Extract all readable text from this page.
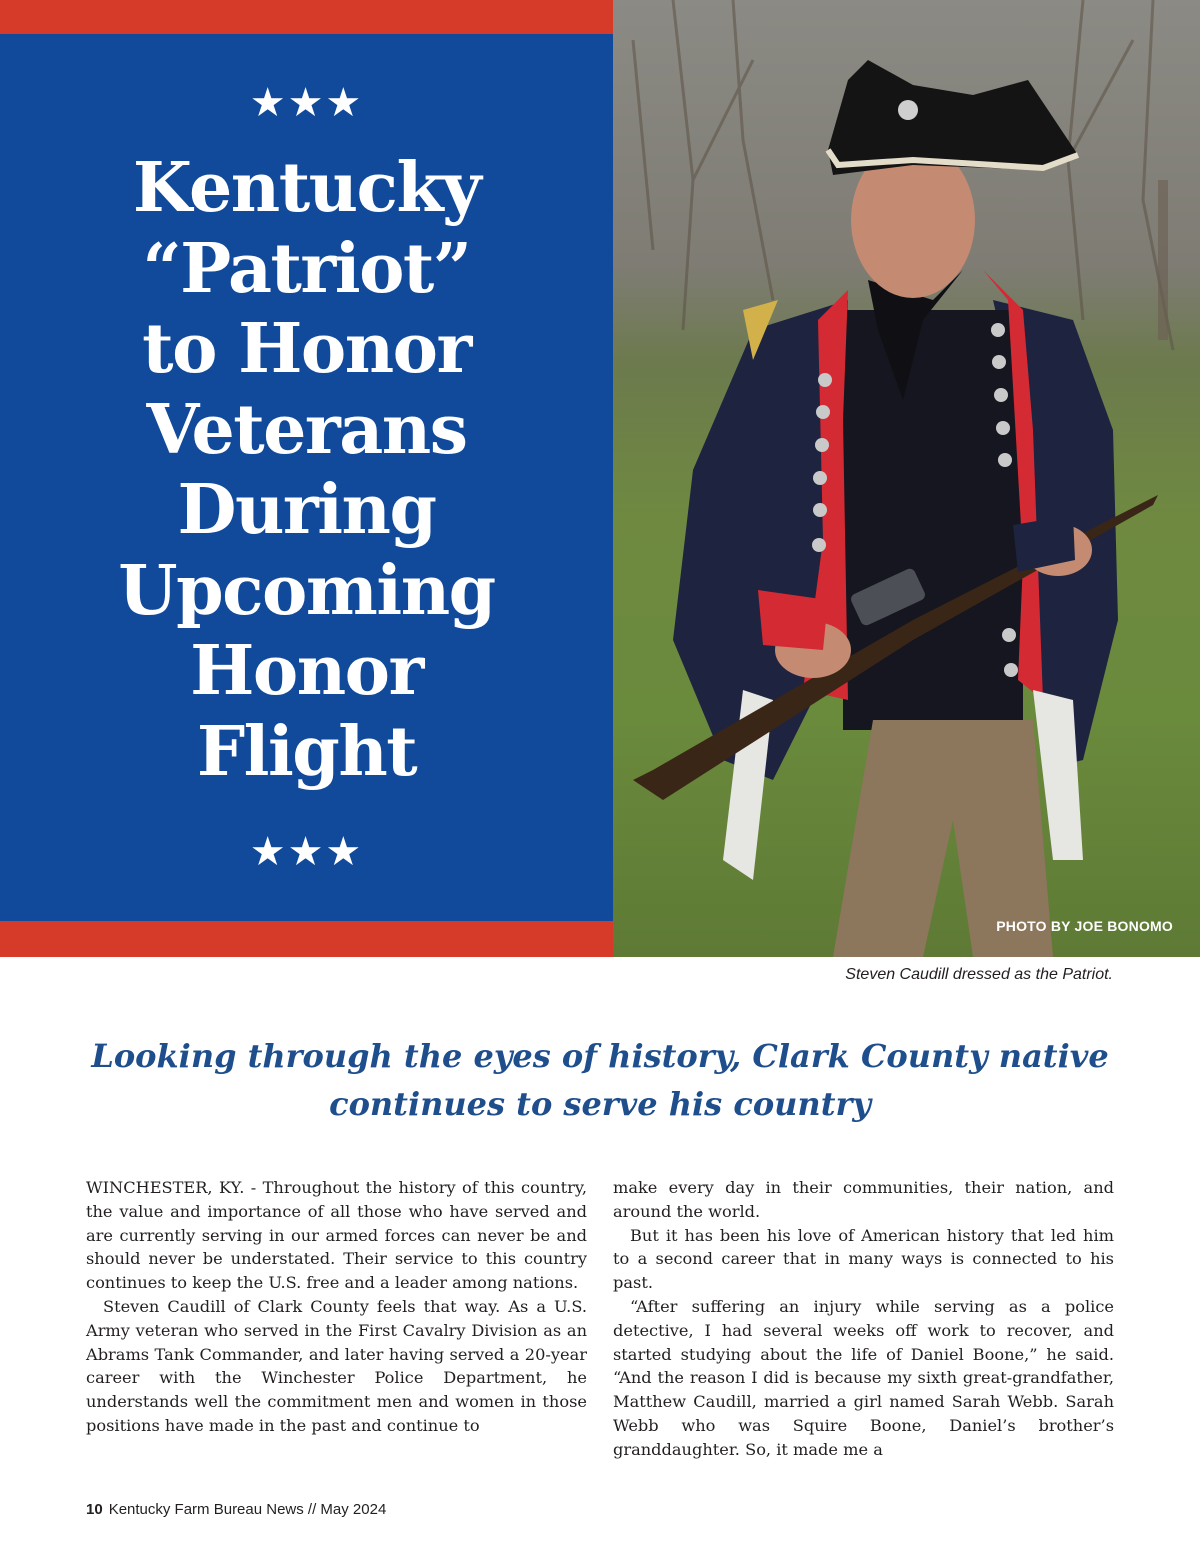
★★★
Kentucky
“Patriot”
to Honor
Veterans
During
Upcoming
Honor
Flight
★★★
PHOTO BY JOE BONOMO
Steven Caudill dressed as the Patriot.
Looking through the eyes of history, Clark County native
continues to serve his country

WINCHESTER, KY. - Throughout the history of this country, the value and importance of all those who have served and are currently serving in our armed forces can never be and should never be understated. Their service to this country continues to keep the U.S. free and a leader among nations.

Steven Caudill of Clark County feels that way. As a U.S. Army veteran who served in the First Cavalry Division as an Abrams Tank Commander, and later having served a 20-year career with the Winchester Police Department, he understands well the commitment men and women in those positions have made in the past and continue to

make every day in their communities, their nation, and around the world.

But it has been his love of American history that led him to a second career that in many ways is connected to his past.

“After suffering an injury while serving as a police detective, I had several weeks off work to recover, and started studying about the life of Daniel Boone,” he said. “And the reason I did is because my sixth great-grandfather, Matthew Caudill, married a girl named Sarah Webb. Sarah Webb who was Squire Boone, Daniel’s brother’s granddaughter. So, it made me a

10 Kentucky Farm Bureau News // May 2024
